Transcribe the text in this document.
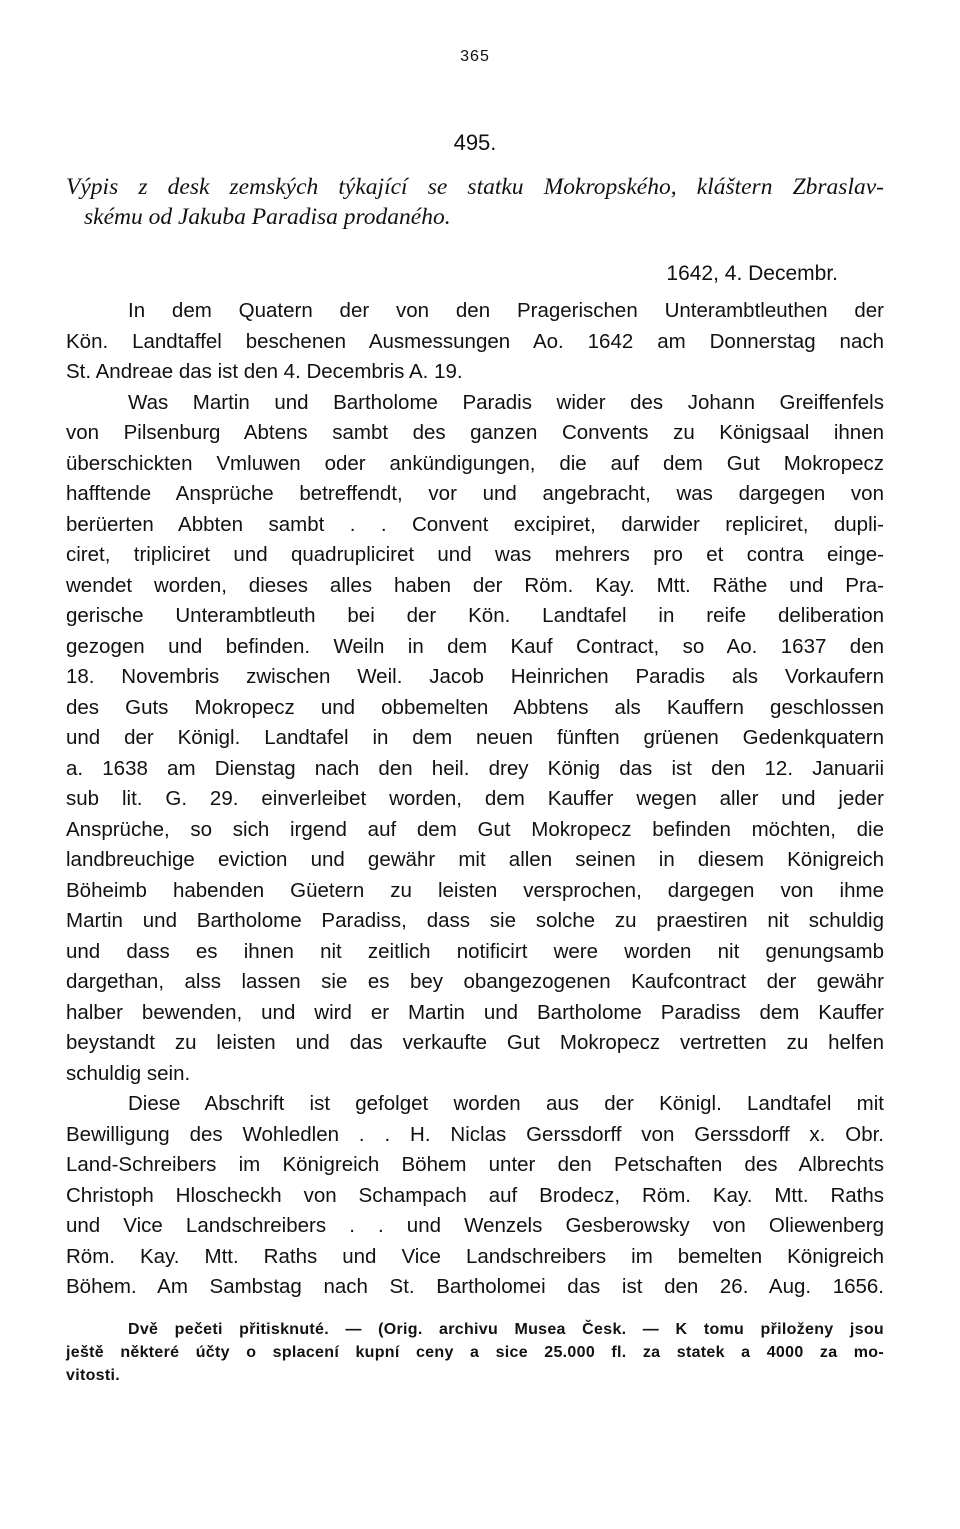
365
495.
Výpis z desk zemských týkající se statku Mokropského, kláštern Zbraslav-
skému od Jakuba Paradisa prodaného.
1642, 4. Decembr.

In dem Quatern der von den Pragerischen Unterambtleuthen der
Kön. Landtaffel beschenen Ausmessungen Ao. 1642 am Donnerstag nach
St. Andreae das ist den 4. Decembris A. 19.

Was Martin und Bartholome Paradis wider des Johann Greiffenfels
von Pilsenburg Abtens sambt des ganzen Convents zu Königsaal ihnen
überschickten Vmluwen oder ankündigungen, die auf dem Gut Mokropecz
hafftende Ansprüche betreffendt, vor und angebracht, was dargegen von
berüerten Abbten sambt . . Convent excipiret, darwider repliciret, dupli-
ciret, tripliciret und quadrupliciret und was mehrers pro et contra einge-
wendet worden, dieses alles haben der Röm. Kay. Mtt. Räthe und Pra-
gerische Unterambtleuth bei der Kön. Landtafel in reife deliberation
gezogen und befinden. Weiln in dem Kauf Contract, so Ao. 1637 den
18. Novembris zwischen Weil. Jacob Heinrichen Paradis als Vorkaufern
des Guts Mokropecz und obbemelten Abbtens als Kauffern geschlossen
und der Königl. Landtafel in dem neuen fünften grüenen Gedenkquatern
a. 1638 am Dienstag nach den heil. drey König das ist den 12. Januarii
sub lit. G. 29. einverleibet worden, dem Kauffer wegen aller und jeder
Ansprüche, so sich irgend auf dem Gut Mokropecz befinden möchten, die
landbreuchige eviction und gewähr mit allen seinen in diesem Königreich
Böheimb habenden Güetern zu leisten versprochen, dargegen von ihme
Martin und Bartholome Paradiss, dass sie solche zu praestiren nit schuldig
und dass es ihnen nit zeitlich notificirt were worden nit genungsamb
dargethan, alss lassen sie es bey obangezogenen Kaufcontract der gewähr
halber bewenden, und wird er Martin und Bartholome Paradiss dem Kauffer
beystandt zu leisten und das verkaufte Gut Mokropecz vertretten zu helfen
schuldig sein.

Diese Abschrift ist gefolget worden aus der Königl. Landtafel mit
Bewilligung des Wohledlen . . H. Niclas Gerssdorff von Gerssdorff x. Obr.
Land-Schreibers im Königreich Böhem unter den Petschaften des Albrechts
Christoph Hloscheckh von Schampach auf Brodecz, Röm. Kay. Mtt. Raths
und Vice Landschreibers . . und Wenzels Gesberowsky von Oliewenberg
Röm. Kay. Mtt. Raths und Vice Landschreibers im bemelten Königreich
Böhem. Am Sambstag nach St. Bartholomei das ist den 26. Aug. 1656.

Dvě pečeti přitisknuté. — (Orig. archivu Musea Česk. — K tomu přiloženy jsou
ještě některé účty o splacení kupní ceny a sice 25.000 fl. za statek a 4000 za mo-
vitosti.
